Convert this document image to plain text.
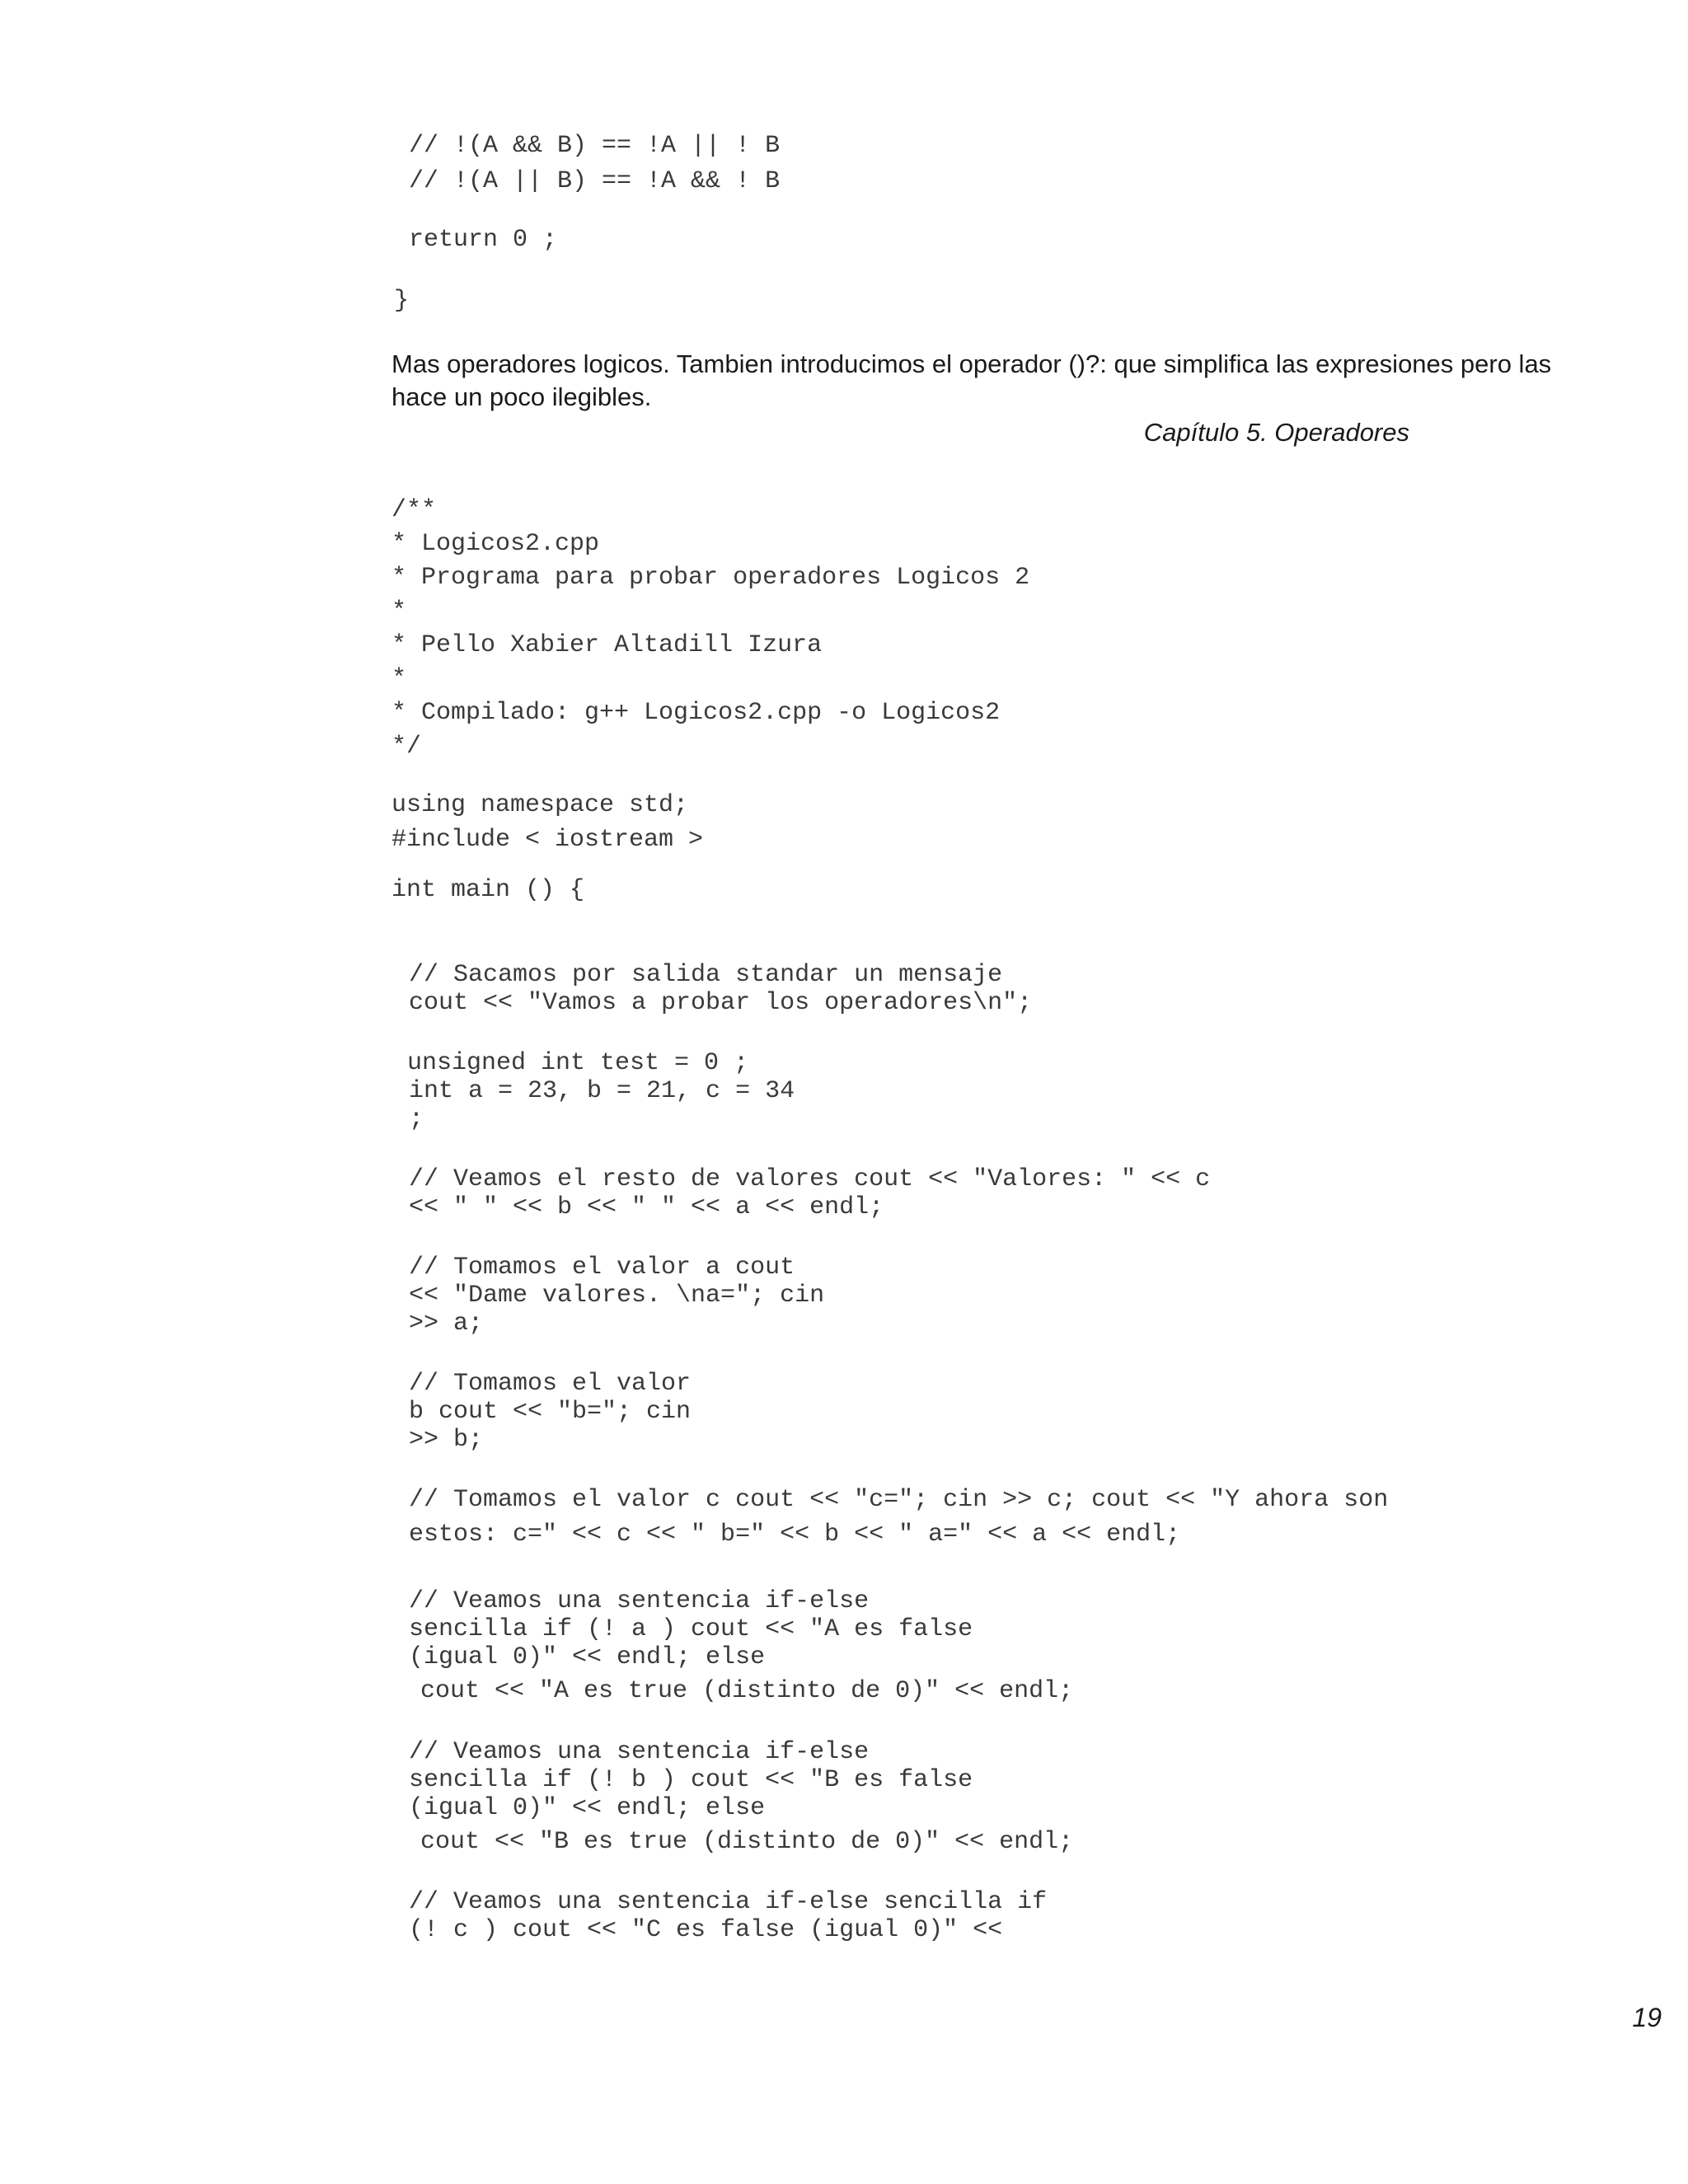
// !(A && B) == !A || ! B
// !(A || B) == !A && ! B
return 0 ;
}

Mas operadores logicos. Tambien introducimos el operador ()?: que simplifica las expresiones pero las hace un poco ilegibles.

Capítulo 5. Operadores

/**
* Logicos2.cpp
* Programa para probar operadores Logicos 2
*
* Pello Xabier Altadill Izura
*
* Compilado: g++ Logicos2.cpp -o Logicos2
*/
using namespace std;
#include < iostream >
int main () {
// Sacamos por salida standar un mensaje
cout << "Vamos a probar los operadores\n";
unsigned int test = 0 ;
int a = 23, b = 21, c = 34
;
// Veamos el resto de valores cout << "Valores: " << c
<< " " << b << " " << a << endl;
// Tomamos el valor a cout
<< "Dame valores. \na="; cin
>> a;
// Tomamos el valor
b cout << "b="; cin
>> b;
// Tomamos el valor c cout << "c="; cin >> c; cout << "Y ahora son
estos: c=" << c << " b=" << b << " a=" << a << endl;
// Veamos una sentencia if-else
sencilla if (! a ) cout << "A es false
(igual 0)" << endl; else
cout << "A es true (distinto de 0)" << endl;
// Veamos una sentencia if-else
sencilla if (! b ) cout << "B es false
(igual 0)" << endl; else
cout << "B es true (distinto de 0)" << endl;
// Veamos una sentencia if-else sencilla if
(! c ) cout << "C es false (igual 0)" <<

19
